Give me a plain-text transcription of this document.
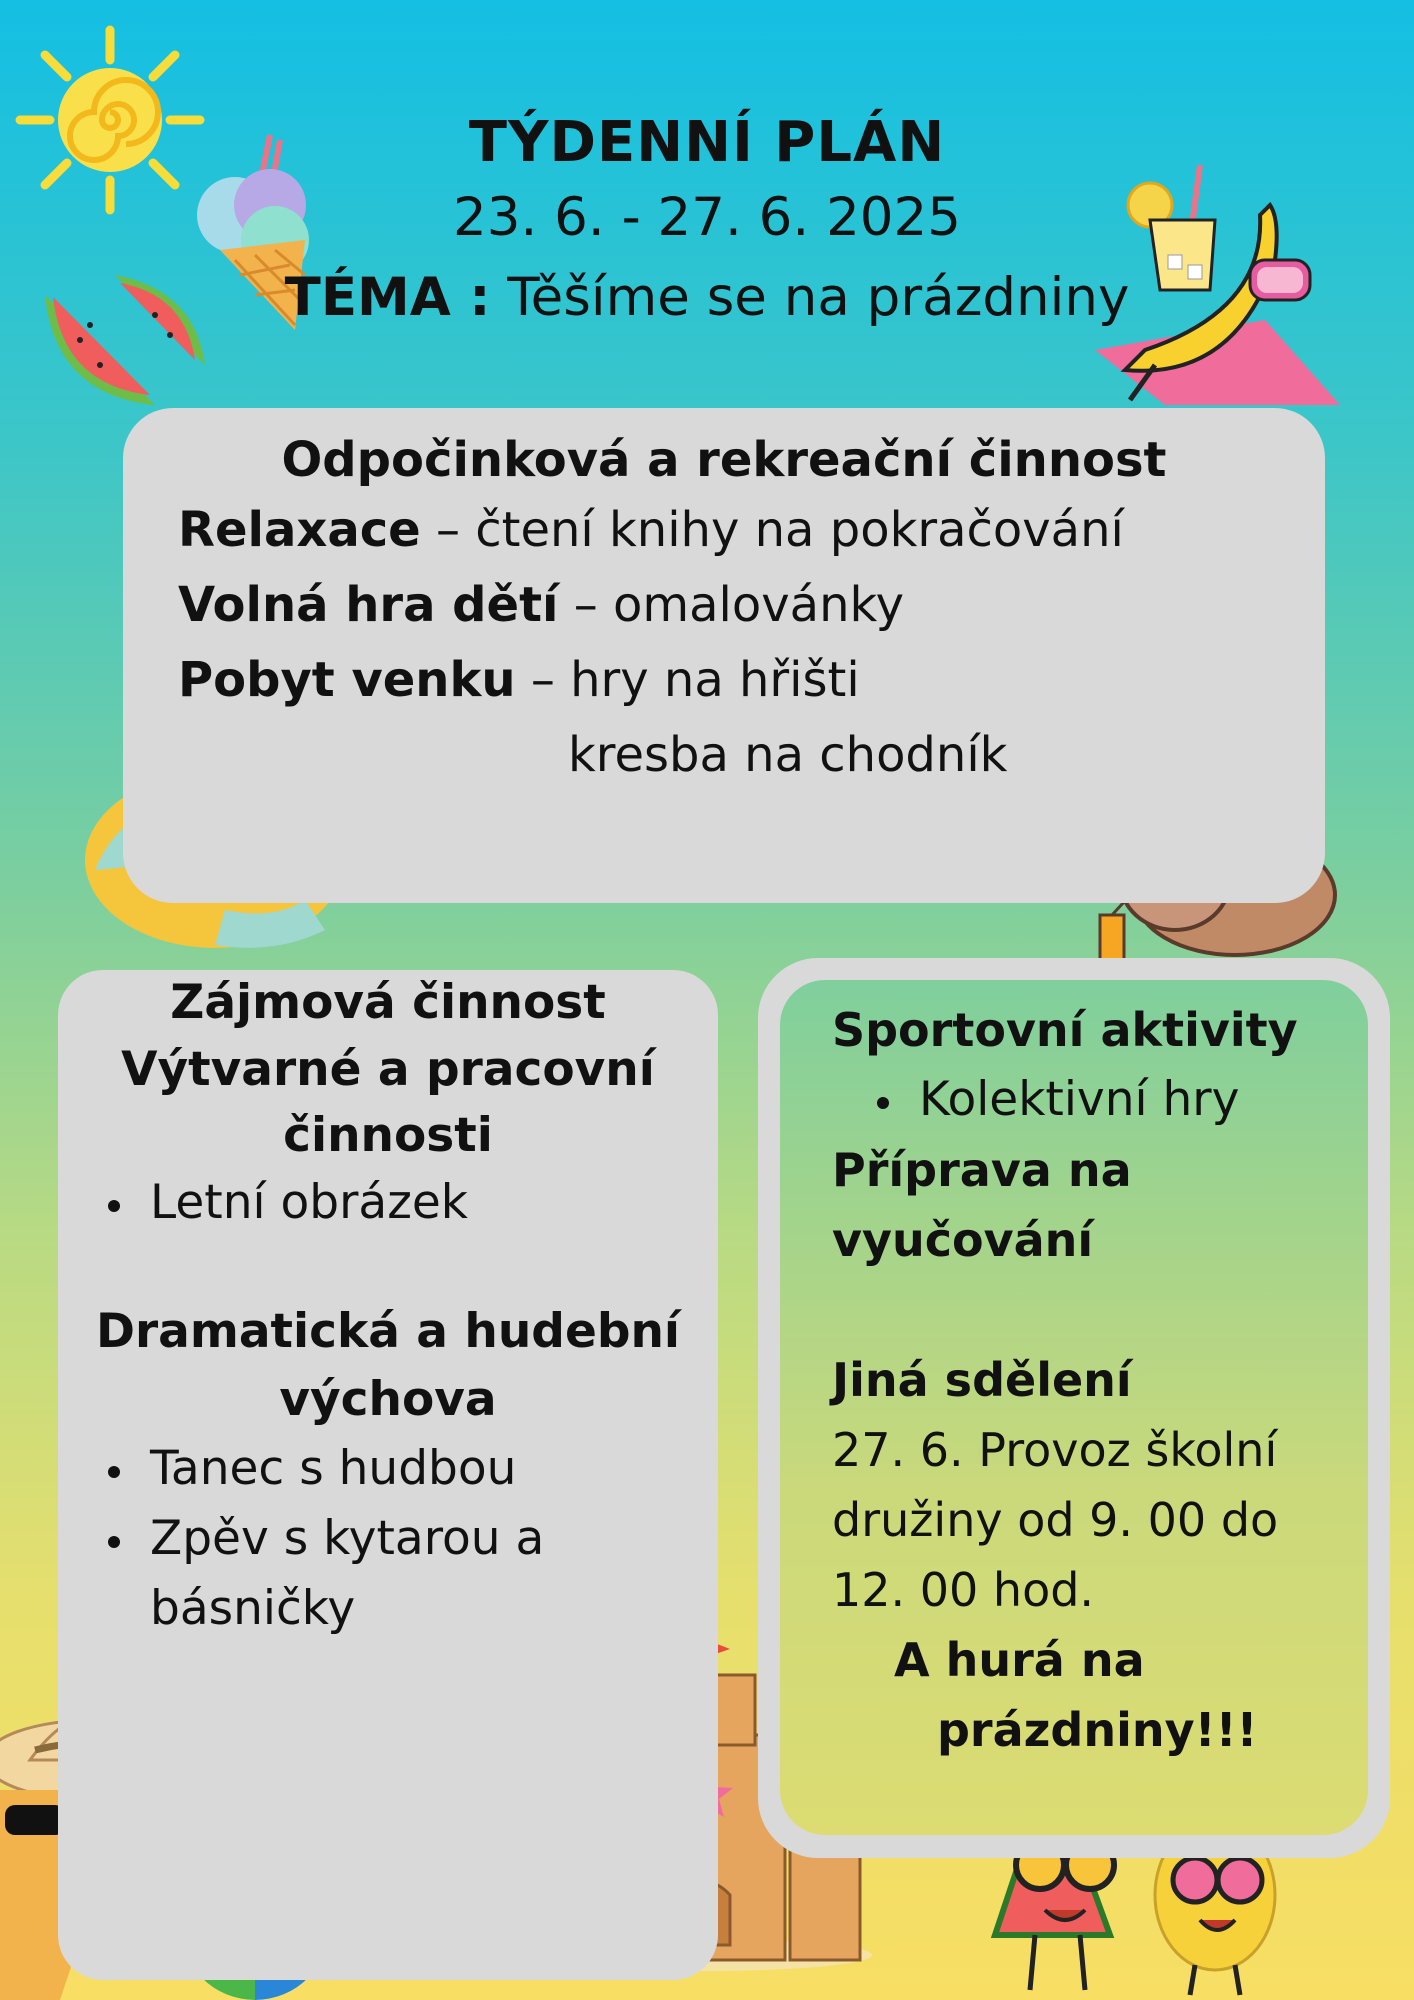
TÝDENNÍ PLÁN
23. 6. - 27. 6. 2025
TÉMA : Těšíme se na prázdniny
Odpočinková a rekreační činnost
Relaxace – čtení knihy na pokračování
Volná hra dětí – omalovánky
Pobyt venku – hry na hřišti
kresba na chodník
Zájmová činnost
Výtvarné a pracovní
činnosti
Letní obrázek
Dramatická a hudební
výchova
Tanec s hudbou
Zpěv s kytarou a
básničky
Sportovní aktivity
Kolektivní hry
Příprava na
vyučování
Jiná sdělení
27. 6. Provoz školní
družiny od 9. 00 do
12. 00 hod.
A hurá na
prázdniny!!!
